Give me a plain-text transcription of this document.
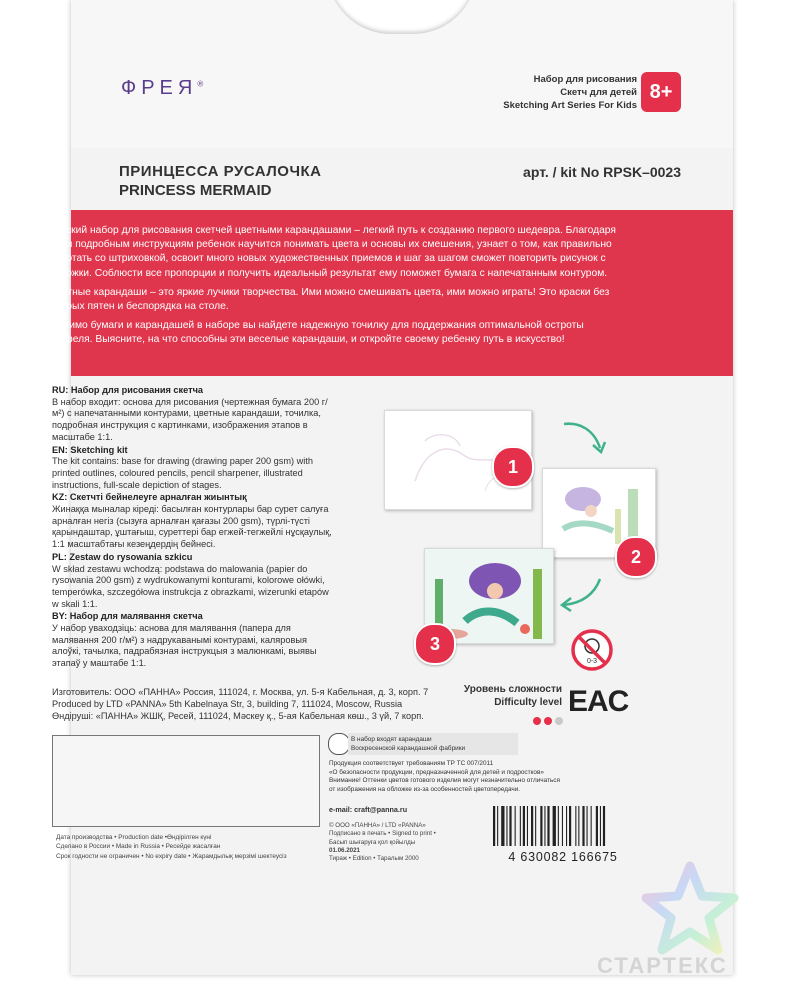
ФРЕЯ®	Набор для рисования
Скетч для детей
Sketching Art Series For Kids
8+
ПРИНЦЕССА РУСАЛОЧКА
PRINCESS MERMAID
арт. / kit No RPSK–0023

Детский набор для рисования скетчей цветными карандашами – легкий путь к созданию первого шедевра. Благодаря двум подробным инструкциям ребенок научится понимать цвета и основы их смешения, узнает о том, как правильно работать со штриховкой, освоит много новых художественных приемов и шаг за шагом сможет повторить рисунок с обложки. Соблюсти все пропорции и получить идеальный результат ему поможет бумага с напечатанным контуром.

Цветные карандаши – это яркие лучики творчества. Ими можно смешивать цвета, ими можно играть! Это краски без мокрых пятен и беспорядка на столе.

Помимо бумаги и карандашей в наборе вы найдете надежную точилку для поддержания оптимальной остроты грифеля. Выясните, на что способны эти веселые карандаши, и откройте своему ребенку путь в искусство!

RU: Набор для рисования скетча
В набор входит: основа для рисования (чертежная бумага 200 г/м²) с напечатанными контурами, цветные карандаши, точилка, подробная инструкция с картинками, изображения этапов в масштабе 1:1.
EN: Sketching kit
The kit contains: base for drawing (drawing paper 200 gsm) with printed outlines, coloured pencils, pencil sharpener, illustrated instructions, full-scale depiction of stages.
KZ: Скетчті бейнелеуге арналған жиынтық
Жинаққа мыналар кіреді: басылған контурлары бар сурет салуға арналған негіз (сызуға арналған қағазы 200 gsm), түрлі-түсті қарындаштар, ұштағыш, суреттері бар егжей-тегжейлі нұсқаулық, 1:1 масштабтағы кезеңдердің бейнесі.
PL: Zestaw do rysowania szkicu
W skład zestawu wchodzą: podstawa do malowania (papier do rysowania 200 gsm) z wydrukowanymi konturami, kolorowe ołówki, temperówka, szczegółowa instrukcja z obrazkami, wizerunki etapów w skali 1:1.
BY: Набор для малявання скетча
У набор уваходзіць: аснова для малявання (папера для малявання 200 г/м²) з надрукаванымі контурамі, каляровыя алоўкі, тачылка, падрабязная інструкцыя з малюнкамі, выявы этапаў у маштабе 1:1.
1
2
3
0-3
Уровень сложности
Difficulty level EAC
Изготовитель: ООО «ПАННА» Россия, 111024, г. Москва, ул. 5-я Кабельная, д. 3, корп. 7
Produced by LTD «PANNA» 5th Kabelnaya Str, 3, building 7, 111024, Moscow, Russia
Өндіруші: «ПАННА» ЖШҚ, Ресей, 111024, Мәскеу қ., 5-ая Кабельная көш., 3 үй, 7 корп.
Дата производства • Production date •Өндірілген күні
Сделано в России • Made in Russia • Ресейде жасалған
Срок годности не ограничен • No expiry date • Жарамдылық мерзімі шектеусіз
В набор входят карандаши
Воскресенской карандашной фабрики
Продукция соответствует требованиям ТР ТС 007/2011
«О безопасности продукции, предназначенной для детей и подростков»
Внимание! Оттенки цветов готового изделия могут незначительно отличаться
от изображения на обложке из-за особенностей цветопередачи.
e-mail: craft@panna.ru
© ООО «ПАННА» / LTD «PANNA»
Подписано в печать • Signed to print •
Басып шығаруға қол қойылды
01.06.2021
Тираж • Edition • Таралым 2000	4 630082 166675
СТАРТЕКС
